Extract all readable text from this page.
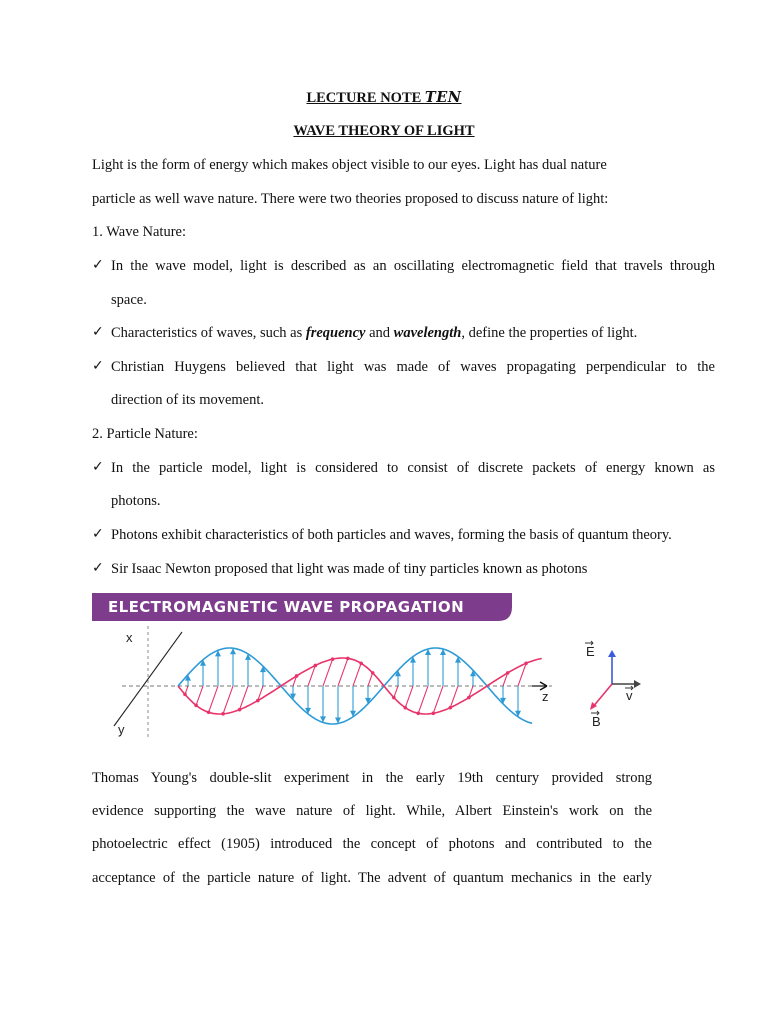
LECTURE NOTE TEN
WAVE THEORY OF LIGHT
Light is the form of energy which makes object visible to our eyes. Light has dual nature
particle as well wave nature. There were two theories proposed to discuss nature of light:
1. Wave Nature:
✓ In the wave model, light is described as an oscillating electromagnetic field that travels through
space.
✓ Characteristics of waves, such as frequency and wavelength, define the properties of light.
✓ Christian Huygens believed that light was made of waves propagating perpendicular to the
direction of its movement.
2. Particle Nature:
✓ In the particle model, light is considered to consist of discrete packets of energy known as
photons.
✓ Photons exhibit characteristics of both particles and waves, forming the basis of quantum theory.
✓ Sir Isaac Newton proposed that light was made of tiny particles known as photons
ELECTROMAGNETIC WAVE PROPAGATION
x
y
z
E
B
v
Thomas Young's double-slit experiment in the early 19th century provided strong
evidence supporting the wave nature of light. While, Albert Einstein's work on the
photoelectric effect (1905) introduced the concept of photons and contributed to the
acceptance of the particle nature of light. The advent of quantum mechanics in the early
